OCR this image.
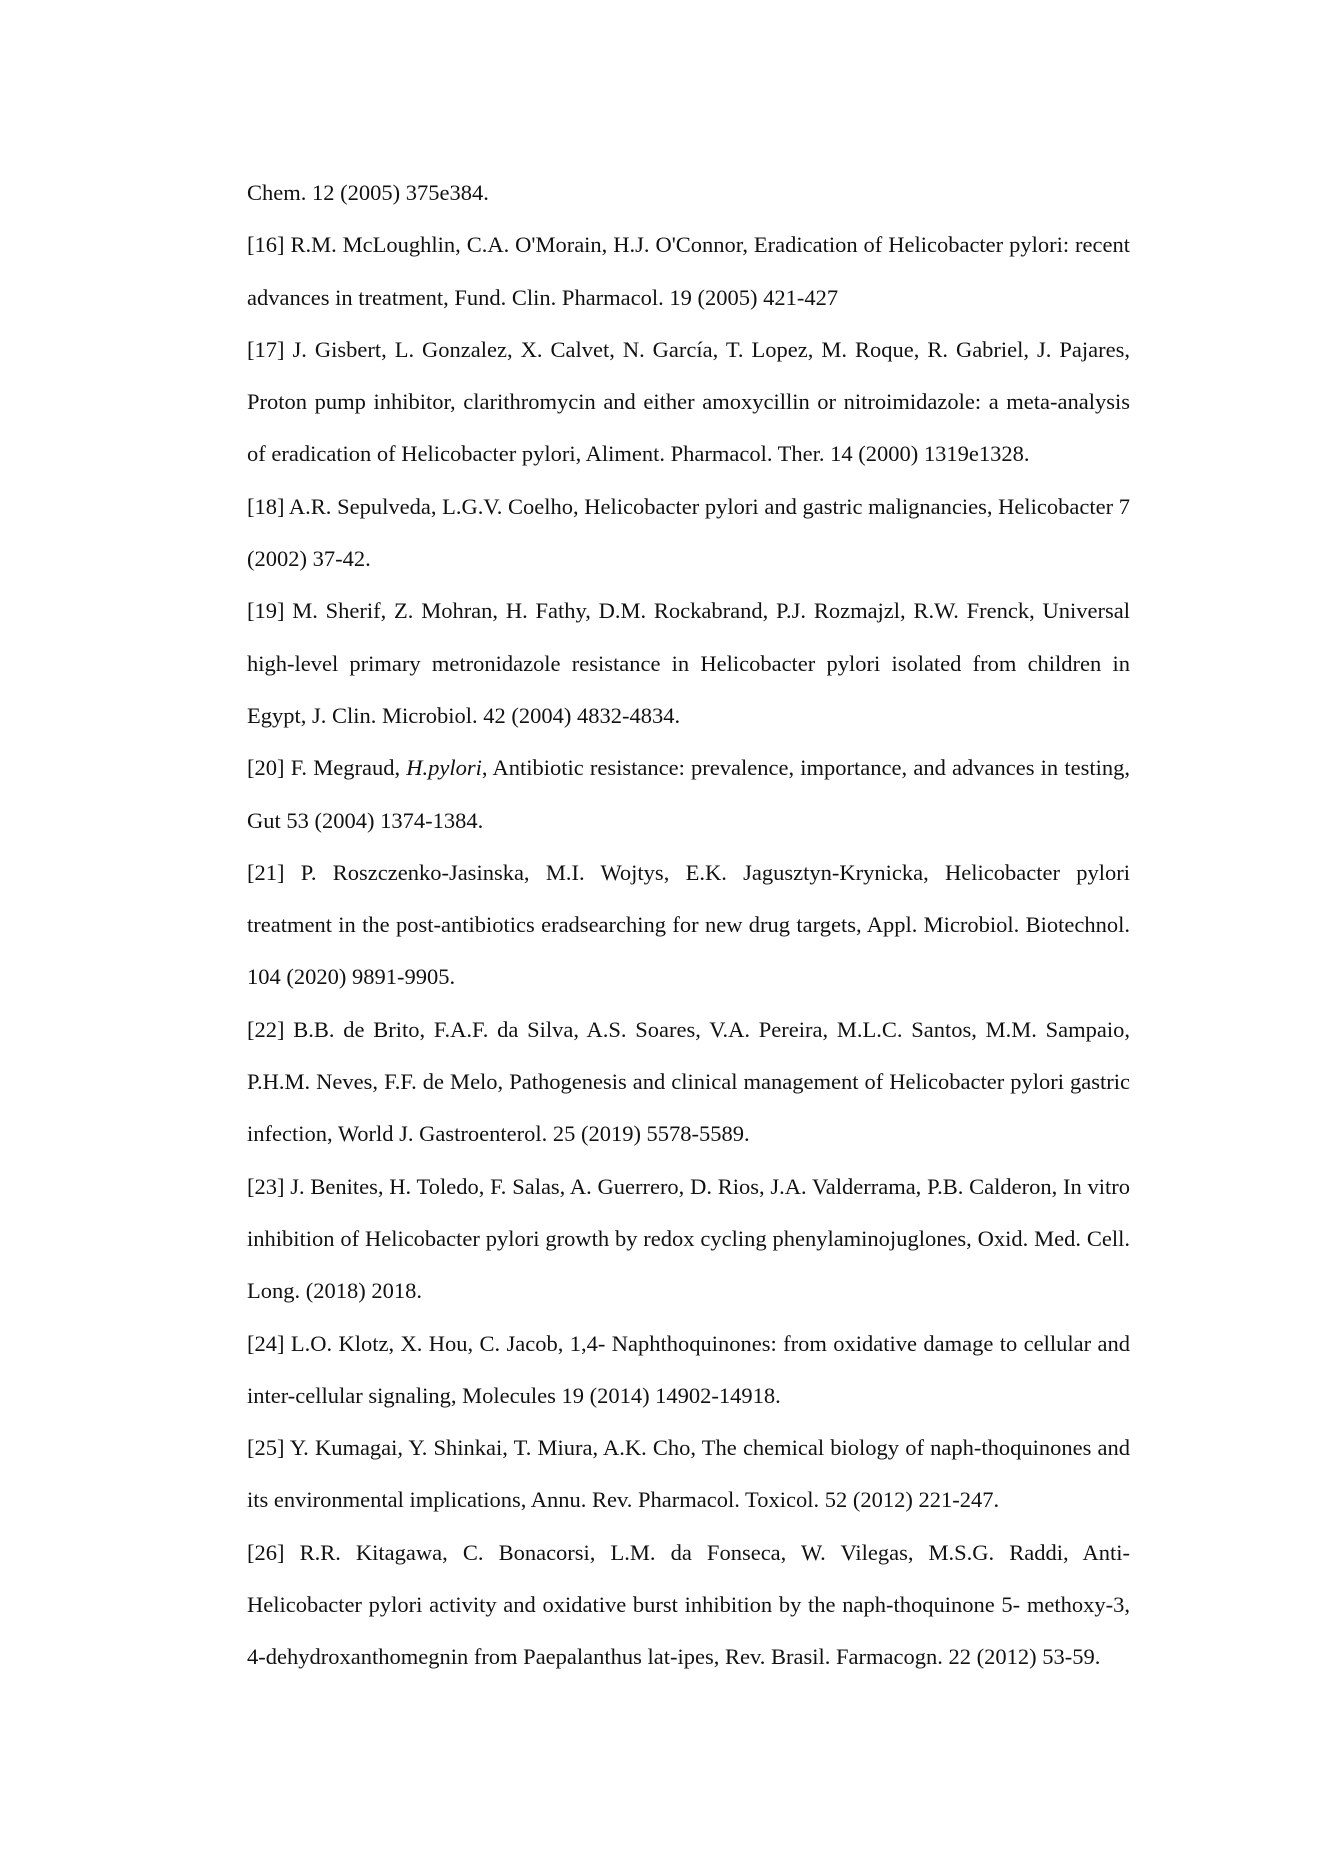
Chem. 12 (2005) 375e384.

[16] R.M. McLoughlin, C.A. O'Morain, H.J. O'Connor, Eradication of Helicobacter pylori: recent advances in treatment, Fund. Clin. Pharmacol. 19 (2005) 421-427

[17] J. Gisbert, L. Gonzalez, X. Calvet, N. García, T. Lopez, M. Roque, R. Gabriel, J. Pajares, Proton pump inhibitor, clarithromycin and either amoxycillin or nitroimidazole: a meta-analysis of eradication of Helicobacter pylori, Aliment. Pharmacol. Ther. 14 (2000) 1319e1328.

[18] A.R. Sepulveda, L.G.V. Coelho, Helicobacter pylori and gastric malignancies, Helicobacter 7 (2002) 37-42.

[19] M. Sherif, Z. Mohran, H. Fathy, D.M. Rockabrand, P.J. Rozmajzl, R.W. Frenck, Universal high-level primary metronidazole resistance in Helicobacter pylori isolated from children in Egypt, J. Clin. Microbiol. 42 (2004) 4832-4834.

[20] F. Megraud, H.pylori, Antibiotic resistance: prevalence, importance, and advances in testing, Gut 53 (2004) 1374-1384.

[21] P. Roszczenko-Jasinska, M.I. Wojtys, E.K. Jagusztyn-Krynicka, Helicobacter pylori treatment in the post-antibiotics eradsearching for new drug targets, Appl. Microbiol. Biotechnol. 104 (2020) 9891-9905.

[22] B.B. de Brito, F.A.F. da Silva, A.S. Soares, V.A. Pereira, M.L.C. Santos, M.M. Sampaio, P.H.M. Neves, F.F. de Melo, Pathogenesis and clinical management of Helicobacter pylori gastric infection, World J. Gastroenterol. 25 (2019) 5578-5589.

[23] J. Benites, H. Toledo, F. Salas, A. Guerrero, D. Rios, J.A. Valderrama, P.B. Calderon, In vitro inhibition of Helicobacter pylori growth by redox cycling phenylaminojuglones, Oxid. Med. Cell. Long. (2018) 2018.

[24] L.O. Klotz, X. Hou, C. Jacob, 1,4- Naphthoquinones: from oxidative damage to cellular and inter-cellular signaling, Molecules 19 (2014) 14902-14918.

[25] Y. Kumagai, Y. Shinkai, T. Miura, A.K. Cho, The chemical biology of naph-thoquinones and its environmental implications, Annu. Rev. Pharmacol. Toxicol. 52 (2012) 221-247.

[26] R.R. Kitagawa, C. Bonacorsi, L.M. da Fonseca, W. Vilegas, M.S.G. Raddi, Anti-Helicobacter pylori activity and oxidative burst inhibition by the naph-thoquinone 5- methoxy-3, 4-dehydroxanthomegnin from Paepalanthus lat-ipes, Rev. Brasil. Farmacogn. 22 (2012) 53-59.
